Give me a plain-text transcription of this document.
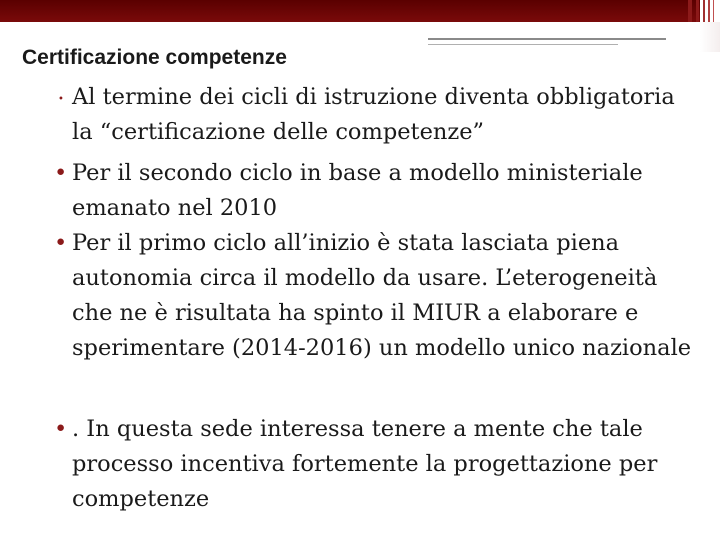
Certificazione competenze
• Al termine dei cicli di istruzione diventa obbligatoria la “certificazione delle competenze”
• Per il secondo ciclo in base a modello ministeriale emanato nel 2010
• Per il primo ciclo all’inizio è stata lasciata piena autonomia circa il modello da usare. L’eterogeneità che ne è risultata ha spinto il MIUR a elaborare e sperimentare (2014-2016) un modello unico nazionale
• . In questa sede interessa tenere a mente che tale processo incentiva fortemente la progettazione per competenze
